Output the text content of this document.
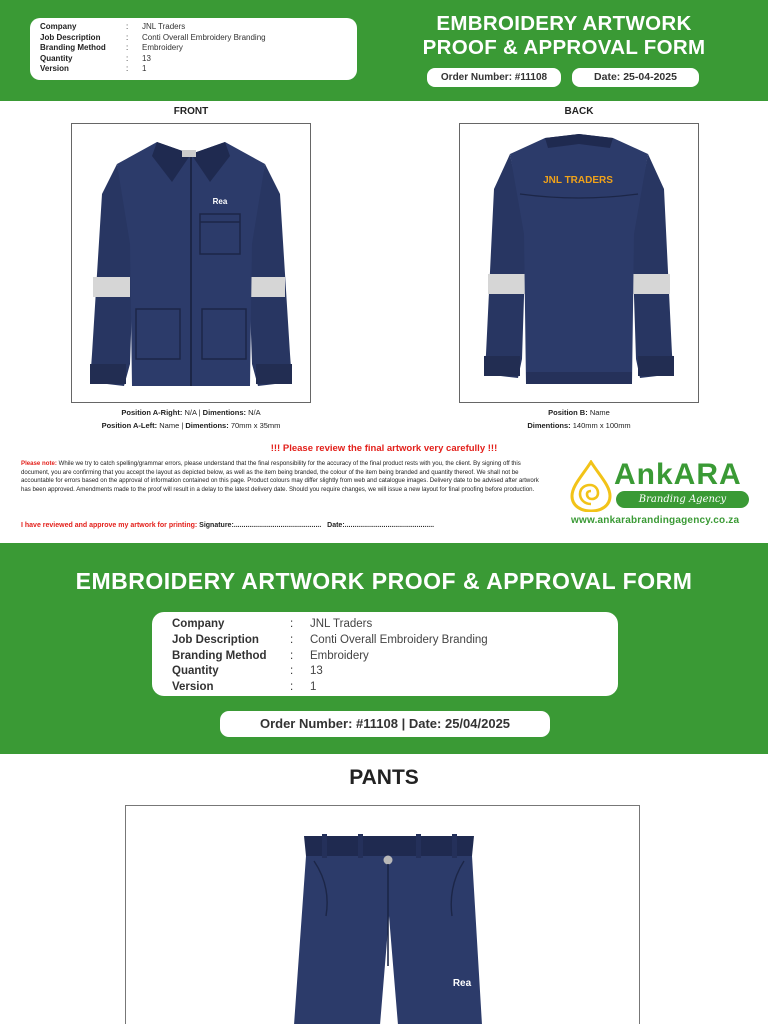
Company	:	JNL Traders
Job Description	:	Conti Overall Embroidery Branding
Branding Method	:	Embroidery
Quantity	:	13
Version	:	1
EMBROIDERY ARTWORK
PROOF & APPROVAL FORM
Order Number: #11108	Date: 25-04-2025
FRONT	BACK
Rea
JNL TRADERS
Position A-Right: N/A | Dimentions: N/A
Position A-Left: Name | Dimentions: 70mm x 35mm
Position B: Name
Dimentions: 140mm x 100mm
!!! Please review the final artwork very carefully !!!
Please note: While we try to catch spelling/grammar errors, please understand that the final responsibility for the accuracy of the final product rests with you, the client. By signing off this document, you are confirming that you accept the layout as depicted below, as well as the item being branded, the colour of the item being branded and quantity thereof. We shall not be accountable for errors based on the approval of information contained on this page. Product colours may differ slightly from web and catalogue images. Delivery date to be advised after artwork has been approved. Amendments made to the proof will result in a delay to the latest delivery date. Should you require changes, we will issue a new layout for final proofing before production.
I have reviewed and approve my artwork for printing: Signature:............................................. Date:..............................................
AnkARA
Branding Agency
www.ankarabrandingagency.co.za
EMBROIDERY ARTWORK PROOF & APPROVAL FORM
Company	:	JNL Traders
Job Description	:	Conti Overall Embroidery Branding
Branding Method	:	Embroidery
Quantity	:	13
Version	:	1
Order Number: #11108 | Date: 25/04/2025
PANTS
Rea
